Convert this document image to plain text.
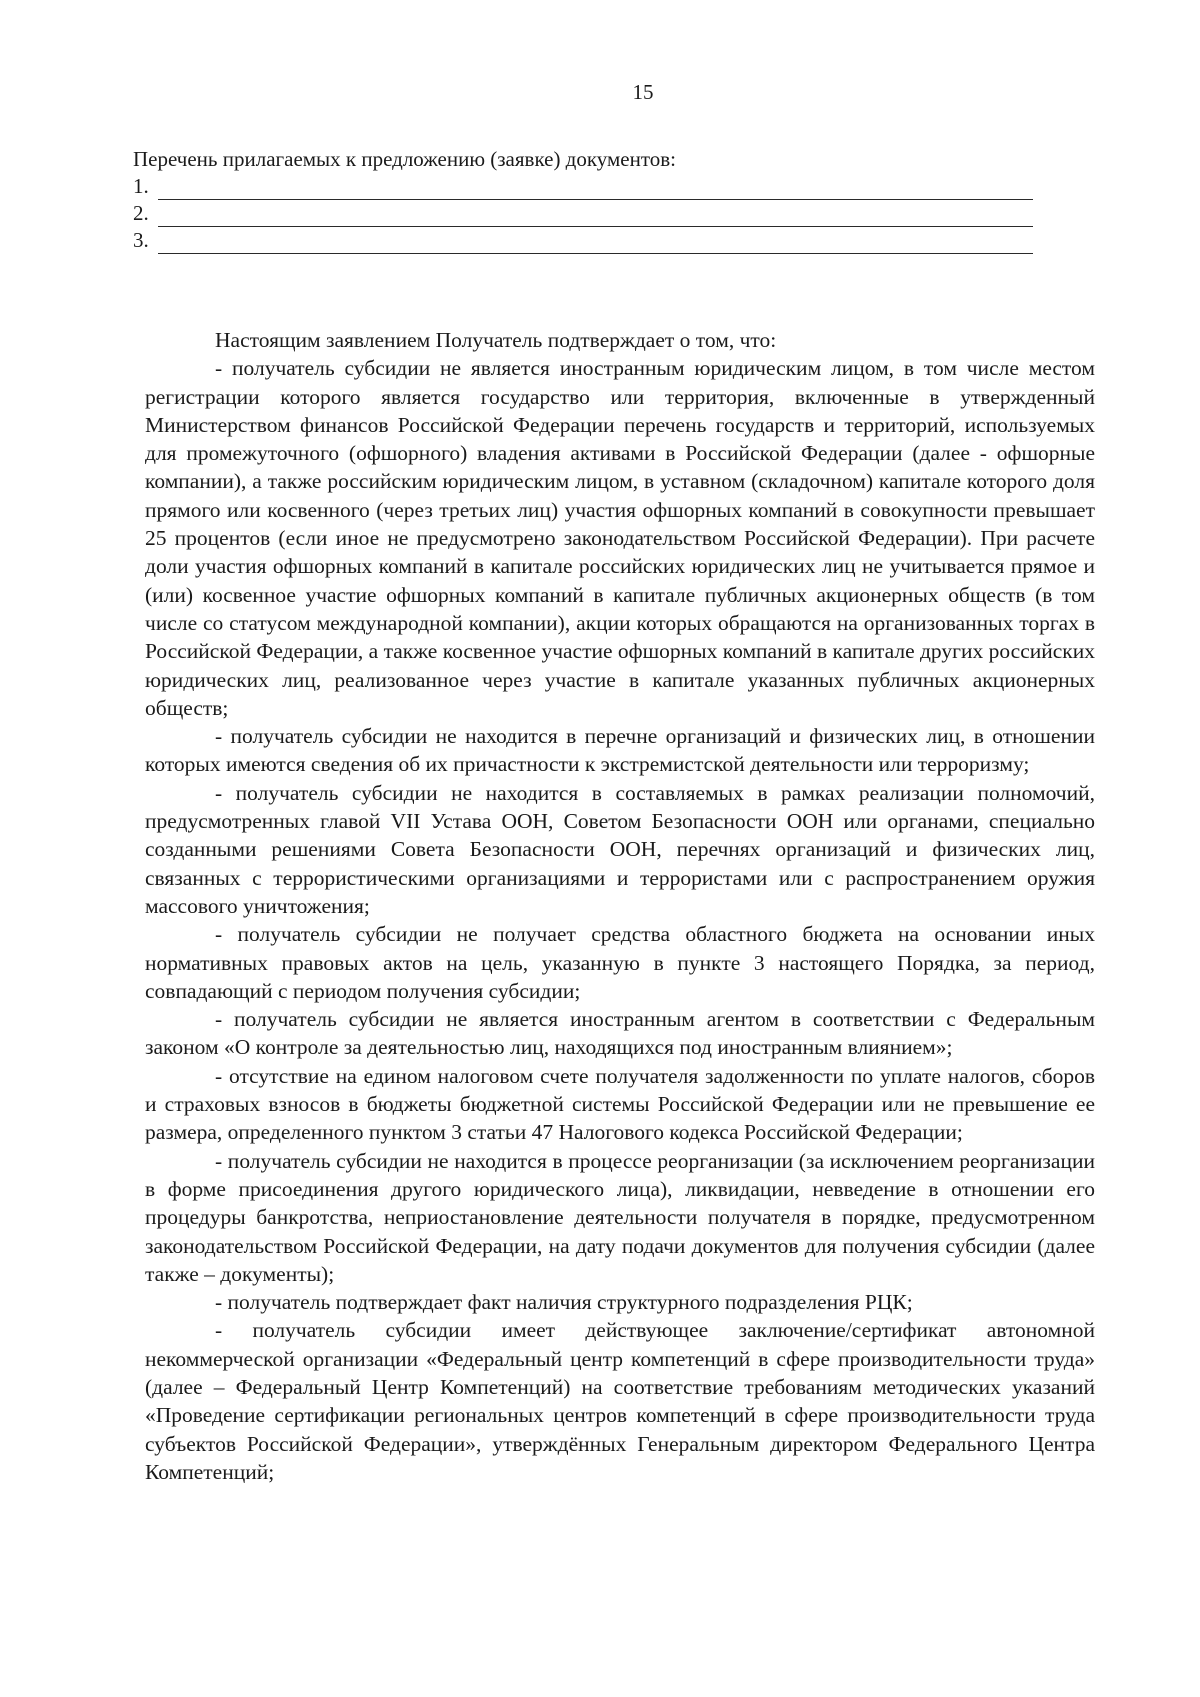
15
Перечень прилагаемых к предложению (заявке) документов:
1.
2.
3.

Настоящим заявлением Получатель подтверждает о том, что:

- получатель субсидии не является иностранным юридическим лицом, в том числе местом регистрации которого является государство или территория, включенные в утвержденный Министерством финансов Российской Федерации перечень государств и территорий, используемых для промежуточного (офшорного) владения активами в Российской Федерации (далее - офшорные компании), а также российским юридическим лицом, в уставном (складочном) капитале которого доля прямого или косвенного (через третьих лиц) участия офшорных компаний в совокупности превышает 25 процентов (если иное не предусмотрено законодательством Российской Федерации). При расчете доли участия офшорных компаний в капитале российских юридических лиц не учитывается прямое и (или) косвенное участие офшорных компаний в капитале публичных акционерных обществ (в том числе со статусом международной компании), акции которых обращаются на организованных торгах в Российской Федерации, а также косвенное участие офшорных компаний в капитале других российских юридических лиц, реализованное через участие в капитале указанных публичных акционерных обществ;

- получатель субсидии не находится в перечне организаций и физических лиц, в отношении которых имеются сведения об их причастности к экстремистской деятельности или терроризму;

- получатель субсидии не находится в составляемых в рамках реализации полномочий, предусмотренных главой VII Устава ООН, Советом Безопасности ООН или органами, специально созданными решениями Совета Безопасности ООН, перечнях организаций и физических лиц, связанных с террористическими организациями и террористами или с распространением оружия массового уничтожения;

- получатель субсидии не получает средства областного бюджета на основании иных нормативных правовых актов на цель, указанную в пункте 3 настоящего Порядка, за период, совпадающий с периодом получения субсидии;

- получатель субсидии не является иностранным агентом в соответствии с Федеральным законом «О контроле за деятельностью лиц, находящихся под иностранным влиянием»;

- отсутствие на едином налоговом счете получателя задолженности по уплате налогов, сборов и страховых взносов в бюджеты бюджетной системы Российской Федерации или не превышение ее размера, определенного пунктом 3 статьи 47 Налогового кодекса Российской Федерации;

- получатель субсидии не находится в процессе реорганизации (за исключением реорганизации в форме присоединения другого юридического лица), ликвидации, невведение в отношении его процедуры банкротства, неприостановление деятельности получателя в порядке, предусмотренном законодательством Российской Федерации, на дату подачи документов для получения субсидии (далее также – документы);

- получатель подтверждает факт наличия структурного подразделения РЦК;

- получатель субсидии имеет действующее заключение/сертификат автономной некоммерческой организации «Федеральный центр компетенций в сфере производительности труда» (далее – Федеральный Центр Компетенций) на соответствие требованиям методических указаний «Проведение сертификации региональных центров компетенций в сфере производительности труда субъектов Российской Федерации», утверждённых Генеральным директором Федерального Центра Компетенций;
